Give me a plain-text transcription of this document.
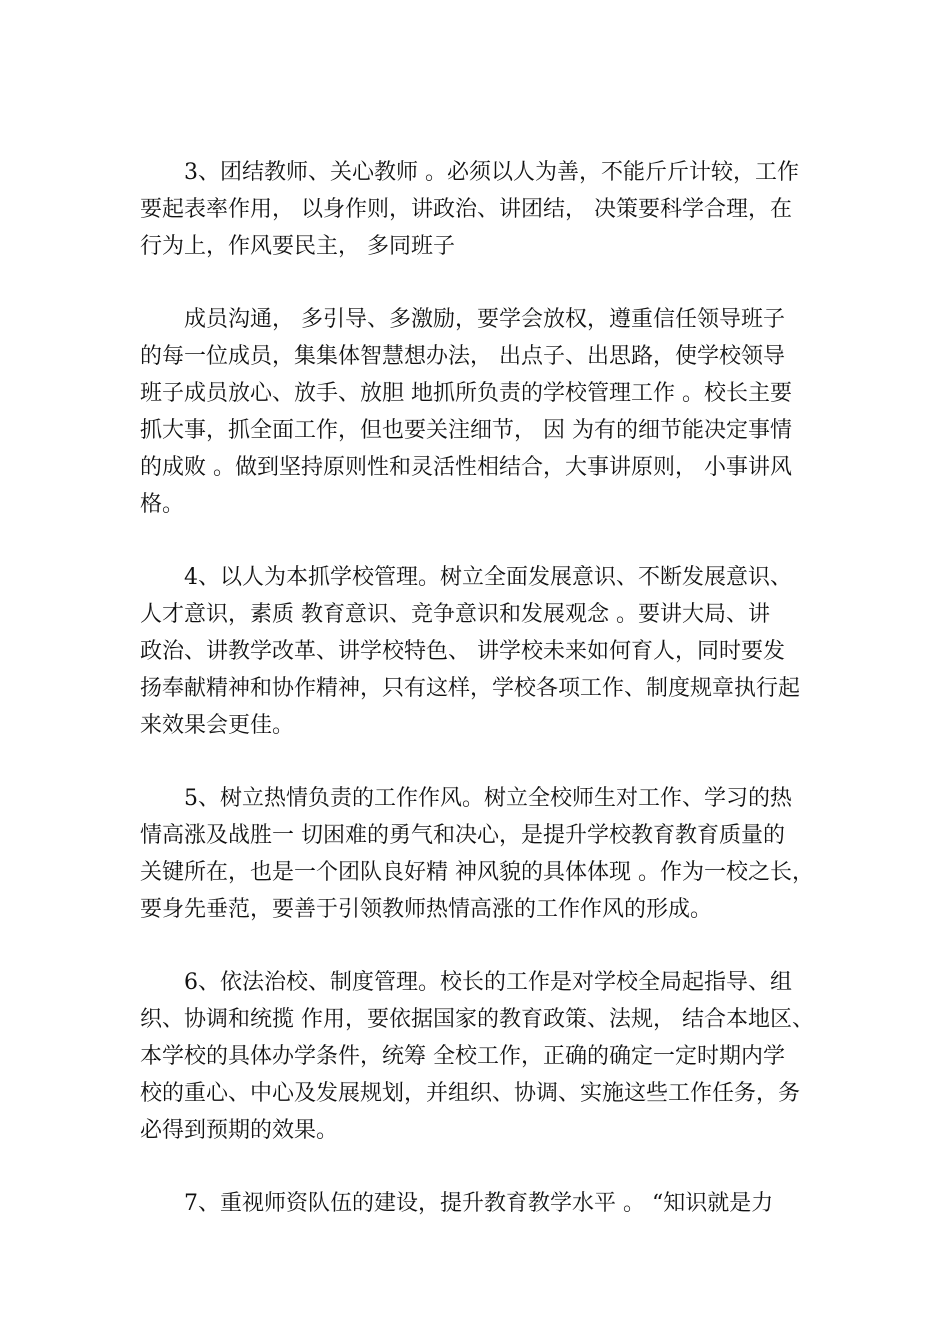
3、团结教师、关心教师 。必须以人为善，不能斤斤计较，工作
要起表率作用， 以身作则，讲政治、讲团结， 决策要科学合理，在
行为上，作风要民主， 多同班子
成员沟通， 多引导、多激励，要学会放权，遵重信任领导班子
的每一位成员，集集体智慧想办法， 出点子、出思路，使学校领导
班子成员放心、放手、放胆 地抓所负责的学校管理工作 。校长主要
抓大事，抓全面工作，但也要关注细节， 因 为有的细节能决定事情
的成败 。做到坚持原则性和灵活性相结合，大事讲原则， 小事讲风
格。
4、以人为本抓学校管理。树立全面发展意识、不断发展意识、
人才意识，素质 教育意识、竞争意识和发展观念 。要讲大局、讲
政治、讲教学改革、讲学校特色、 讲学校未来如何育人，同时要发
扬奉献精神和协作精神，只有这样，学校各项工作、制度规章执行起
来效果会更佳。
5、树立热情负责的工作作风。树立全校师生对工作、学习的热
情高涨及战胜一 切困难的勇气和决心，是提升学校教育教育质量的
关键所在，也是一个团队良好精 神风貌的具体体现 。作为一校之长，
要身先垂范，要善于引领教师热情高涨的工作作风的形成。
6、依法治校、制度管理。校长的工作是对学校全局起指导、组
织、协调和统揽 作用，要依据国家的教育政策、法规， 结合本地区、
本学校的具体办学条件，统筹 全校工作，正确的确定一定时期内学
校的重心、中心及发展规划，并组织、协调、实施这些工作任务，务
必得到预期的效果。
7、重视师资队伍的建设，提升教育教学水平 。 “知识就是力
